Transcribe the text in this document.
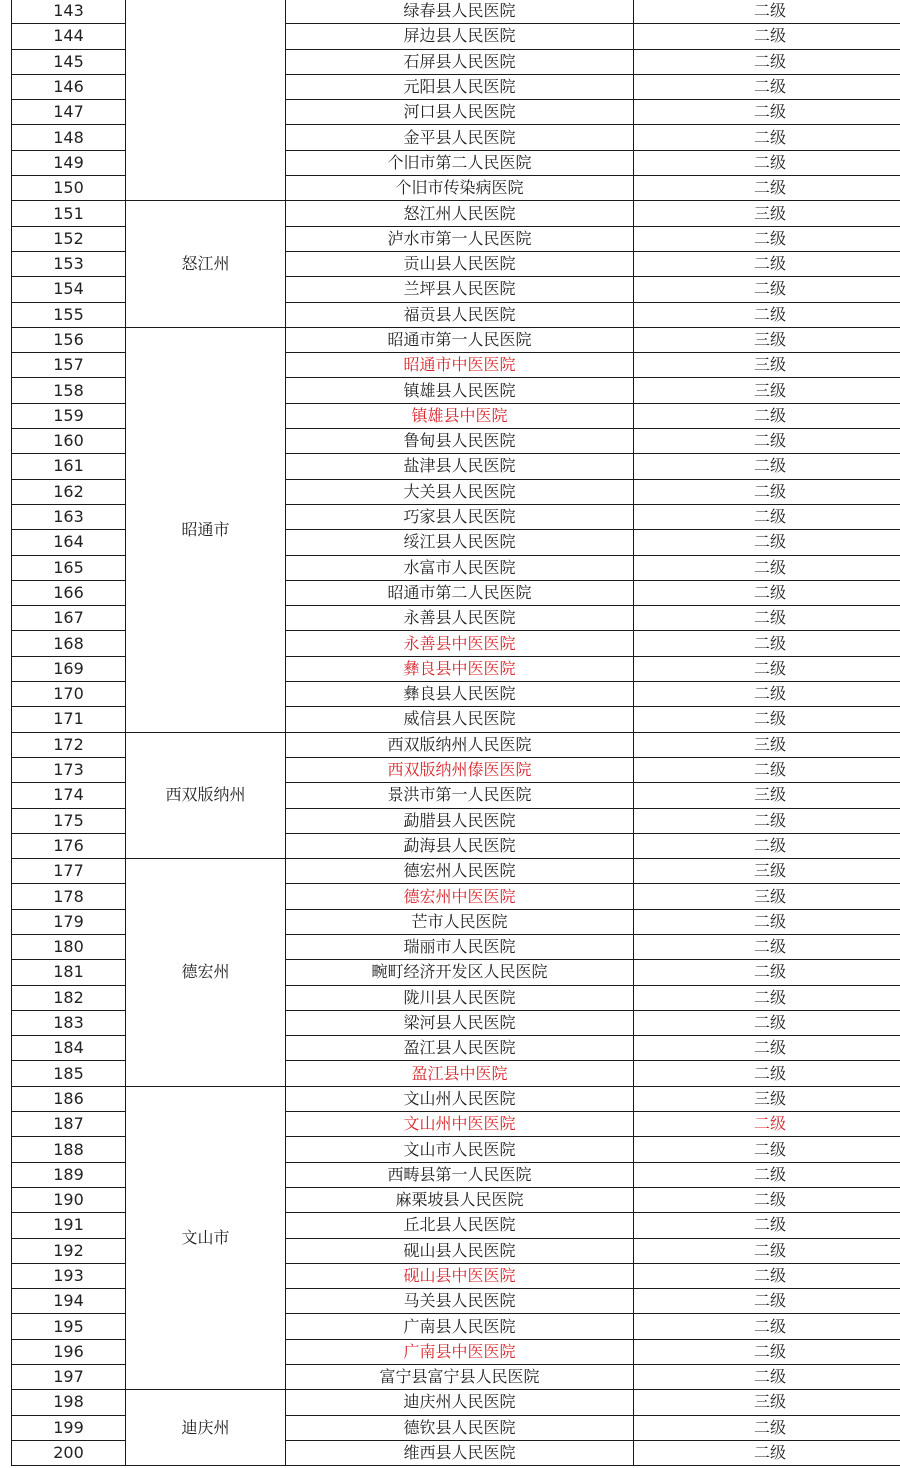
143		绿春县人民医院	二级
144		屏边县人民医院	二级
145		石屏县人民医院	二级
146		元阳县人民医院	二级
147		河口县人民医院	二级
148		金平县人民医院	二级
149		个旧市第二人民医院	二级
150		个旧市传染病医院	二级
151	怒江州	怒江州人民医院	三级
152		泸水市第一人民医院	二级
153		贡山县人民医院	二级
154		兰坪县人民医院	二级
155		福贡县人民医院	二级
156	昭通市	昭通市第一人民医院	三级
157		昭通市中医医院	三级
158		镇雄县人民医院	三级
159		镇雄县中医院	二级
160		鲁甸县人民医院	二级
161		盐津县人民医院	二级
162		大关县人民医院	二级
163		巧家县人民医院	二级
164		绥江县人民医院	二级
165		水富市人民医院	二级
166		昭通市第二人民医院	二级
167		永善县人民医院	二级
168		永善县中医医院	二级
169		彝良县中医医院	二级
170		彝良县人民医院	二级
171		威信县人民医院	二级
172	西双版纳州	西双版纳州人民医院	三级
173		西双版纳州傣医医院	二级
174		景洪市第一人民医院	三级
175		勐腊县人民医院	二级
176		勐海县人民医院	二级
177	德宏州	德宏州人民医院	三级
178		德宏州中医医院	三级
179		芒市人民医院	二级
180		瑞丽市人民医院	二级
181		畹町经济开发区人民医院	二级
182		陇川县人民医院	二级
183		梁河县人民医院	二级
184		盈江县人民医院	二级
185		盈江县中医院	二级
186	文山市	文山州人民医院	三级
187		文山州中医医院	二级
188		文山市人民医院	二级
189		西畴县第一人民医院	二级
190		麻栗坡县人民医院	二级
191		丘北县人民医院	二级
192		砚山县人民医院	二级
193		砚山县中医医院	二级
194		马关县人民医院	二级
195		广南县人民医院	二级
196		广南县中医医院	二级
197		富宁县富宁县人民医院	二级
198	迪庆州	迪庆州人民医院	三级
199		德钦县人民医院	二级
200		维西县人民医院	二级
